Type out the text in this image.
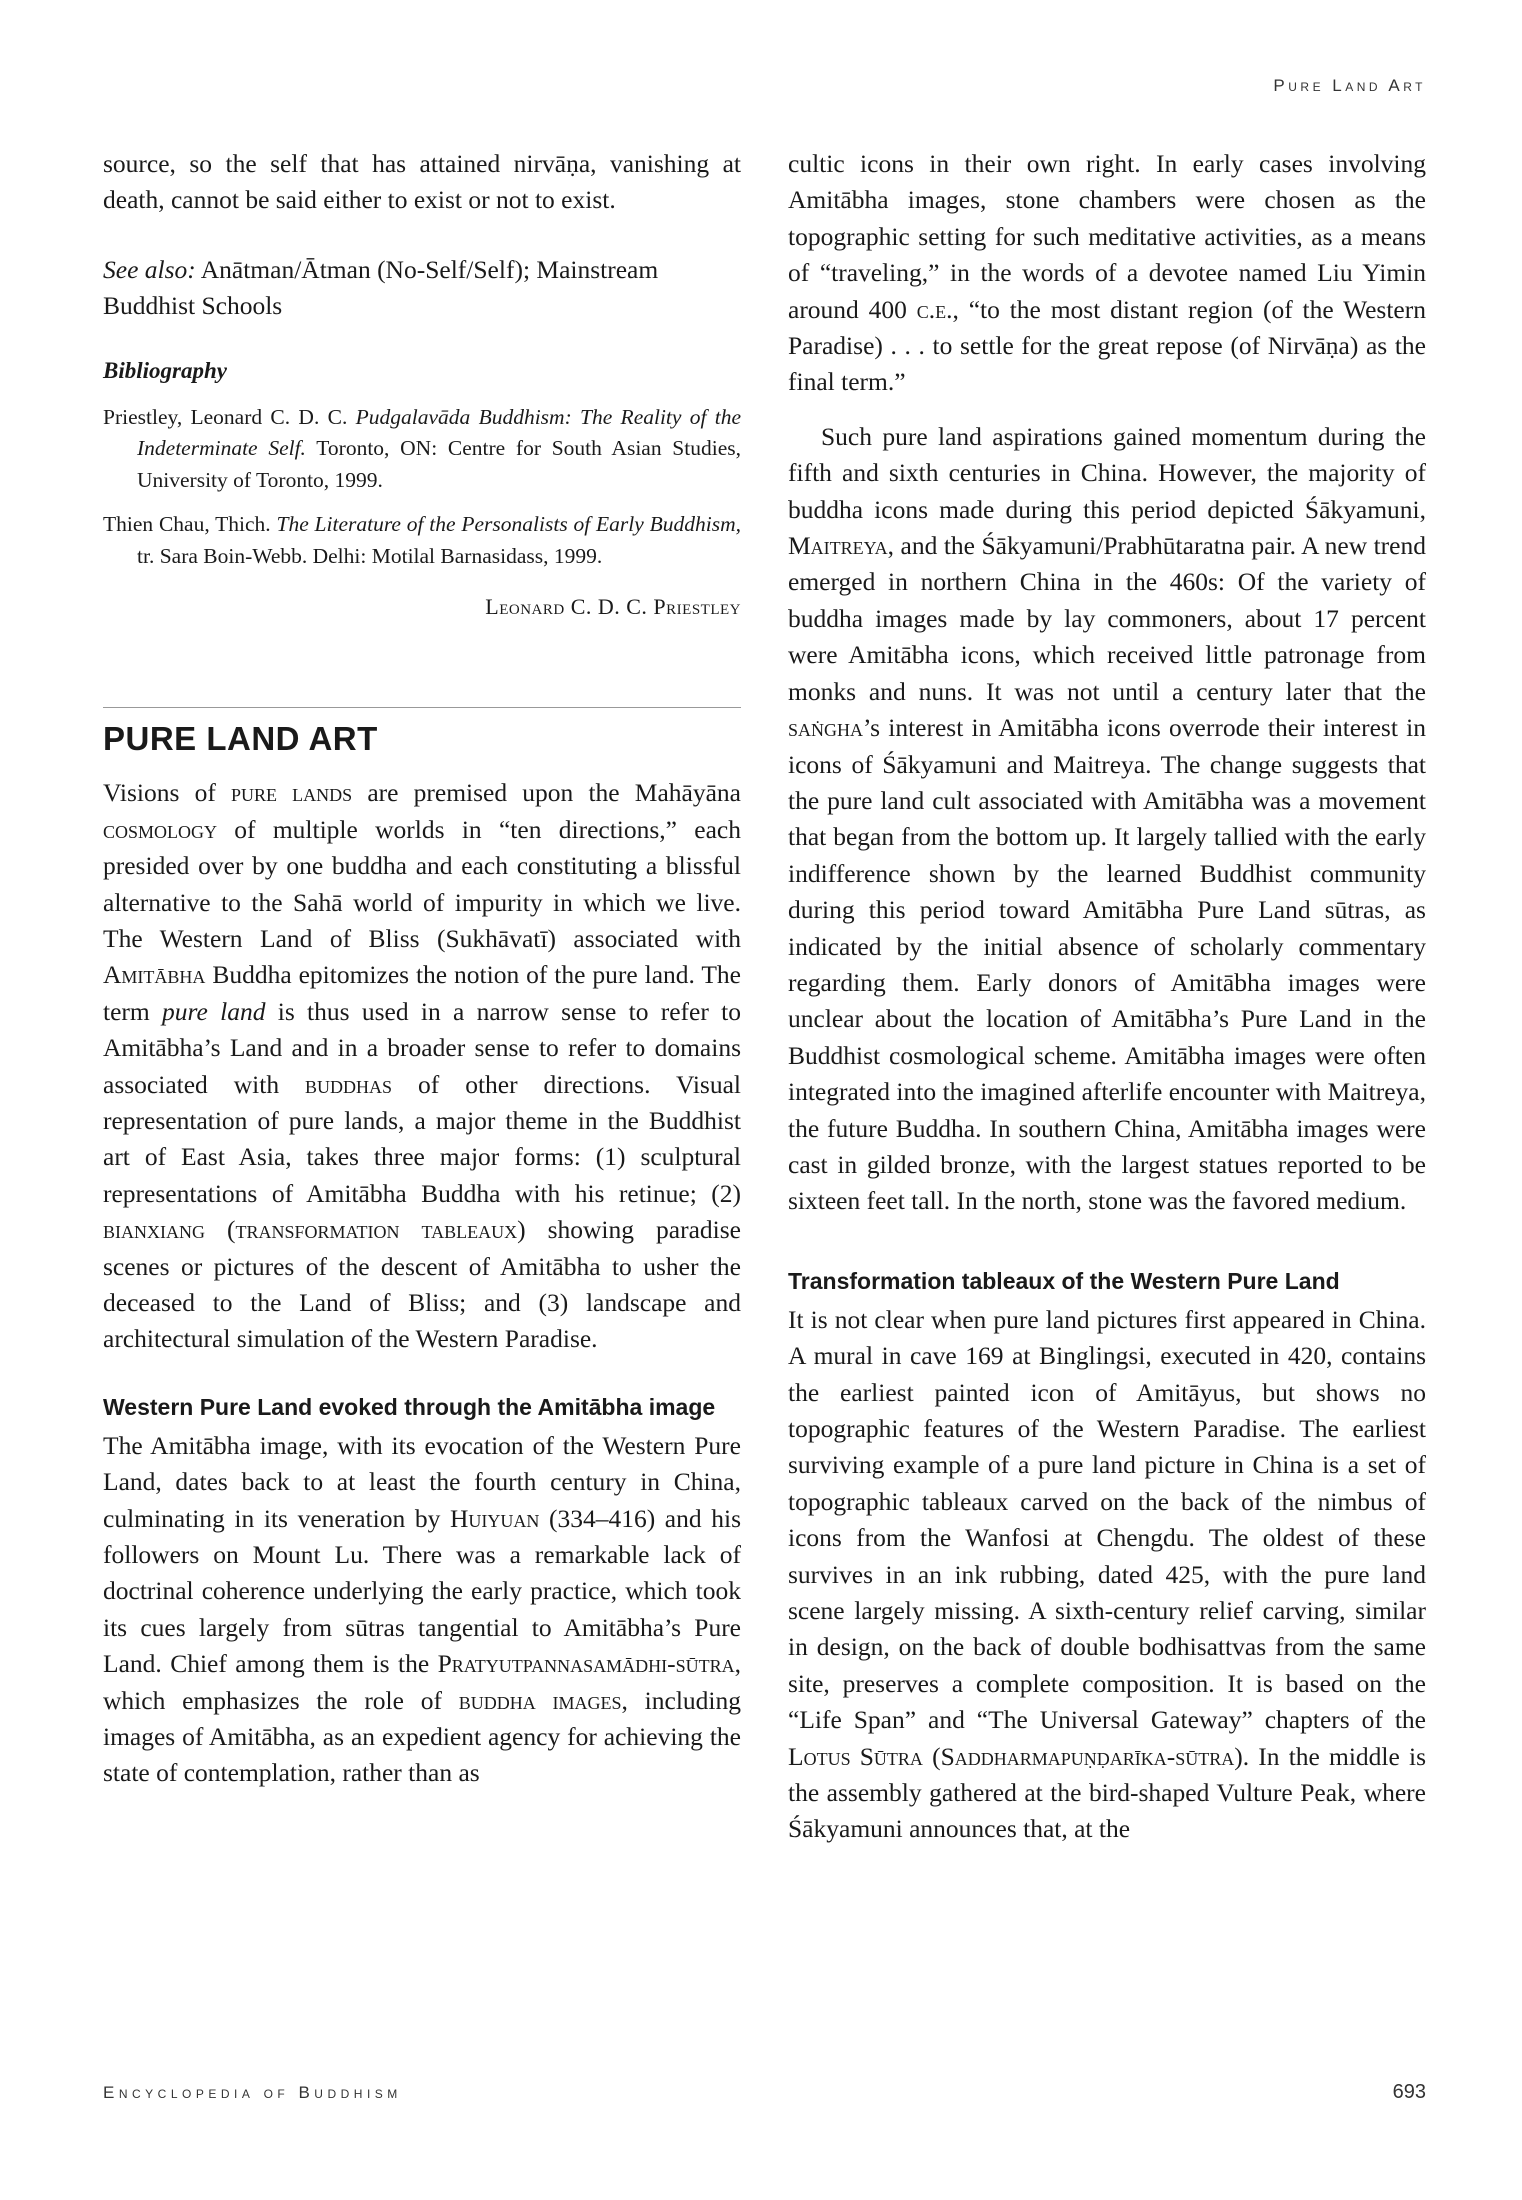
Pure Land Art

source, so the self that has attained nirvāṇa, vanishing at death, cannot be said either to exist or not to exist.

See also: Anātman/Ātman (No-Self/Self); Mainstream Buddhist Schools

Bibliography

Priestley, Leonard C. D. C. Pudgalavāda Buddhism: The Reality of the Indeterminate Self. Toronto, ON: Centre for South Asian Studies, University of Toronto, 1999.

Thien Chau, Thich. The Literature of the Personalists of Early Buddhism, tr. Sara Boin-Webb. Delhi: Motilal Barnasidass, 1999.

Leonard C. D. C. Priestley

PURE LAND ART

Visions of pure lands are premised upon the Mahāyāna cosmology of multiple worlds in “ten directions,” each presided over by one buddha and each constituting a blissful alternative to the Sahā world of impurity in which we live. The Western Land of Bliss (Sukhāvatī) associated with Amitābha Buddha epitomizes the notion of the pure land. The term pure land is thus used in a narrow sense to refer to Amitābha’s Land and in a broader sense to refer to domains associated with buddhas of other directions. Visual representation of pure lands, a major theme in the Buddhist art of East Asia, takes three major forms: (1) sculptural representations of Amitābha Buddha with his retinue; (2) bianxiang (transformation tableaux) showing paradise scenes or pictures of the descent of Amitābha to usher the deceased to the Land of Bliss; and (3) landscape and architectural simulation of the Western Paradise.

Western Pure Land evoked through the Amitābha image

The Amitābha image, with its evocation of the Western Pure Land, dates back to at least the fourth century in China, culminating in its veneration by Huiyuan (334–416) and his followers on Mount Lu. There was a remarkable lack of doctrinal coherence underlying the early practice, which took its cues largely from sūtras tangential to Amitābha’s Pure Land. Chief among them is the Pratyutpannasamādhi-sūtra, which emphasizes the role of buddha images, including images of Amitābha, as an expedient agency for achieving the state of contemplation, rather than as

cultic icons in their own right. In early cases involving Amitābha images, stone chambers were chosen as the topographic setting for such meditative activities, as a means of “traveling,” in the words of a devotee named Liu Yimin around 400 c.e., “to the most distant region (of the Western Paradise) . . . to settle for the great repose (of Nirvāṇa) as the final term.”

Such pure land aspirations gained momentum during the fifth and sixth centuries in China. However, the majority of buddha icons made during this period depicted Śākyamuni, Maitreya, and the Śākyamuni/Prabhūtaratna pair. A new trend emerged in northern China in the 460s: Of the variety of buddha images made by lay commoners, about 17 percent were Amitābha icons, which received little patronage from monks and nuns. It was not until a century later that the saṅgha’s interest in Amitābha icons overrode their interest in icons of Śākyamuni and Maitreya. The change suggests that the pure land cult associated with Amitābha was a movement that began from the bottom up. It largely tallied with the early indifference shown by the learned Buddhist community during this period toward Amitābha Pure Land sūtras, as indicated by the initial absence of scholarly commentary regarding them. Early donors of Amitābha images were unclear about the location of Amitābha’s Pure Land in the Buddhist cosmological scheme. Amitābha images were often integrated into the imagined afterlife encounter with Maitreya, the future Buddha. In southern China, Amitābha images were cast in gilded bronze, with the largest statues reported to be sixteen feet tall. In the north, stone was the favored medium.

Transformation tableaux of the Western Pure Land

It is not clear when pure land pictures first appeared in China. A mural in cave 169 at Binglingsi, executed in 420, contains the earliest painted icon of Amitāyus, but shows no topographic features of the Western Paradise. The earliest surviving example of a pure land picture in China is a set of topographic tableaux carved on the back of the nimbus of icons from the Wanfosi at Chengdu. The oldest of these survives in an ink rubbing, dated 425, with the pure land scene largely missing. A sixth-century relief carving, similar in design, on the back of double bodhisattvas from the same site, preserves a complete composition. It is based on the “Life Span” and “The Universal Gateway” chapters of the Lotus Sūtra (Saddharmapuṇḍarīka-sūtra). In the middle is the assembly gathered at the bird-shaped Vulture Peak, where Śākyamuni announces that, at the

Encyclopedia of Buddhism	693
